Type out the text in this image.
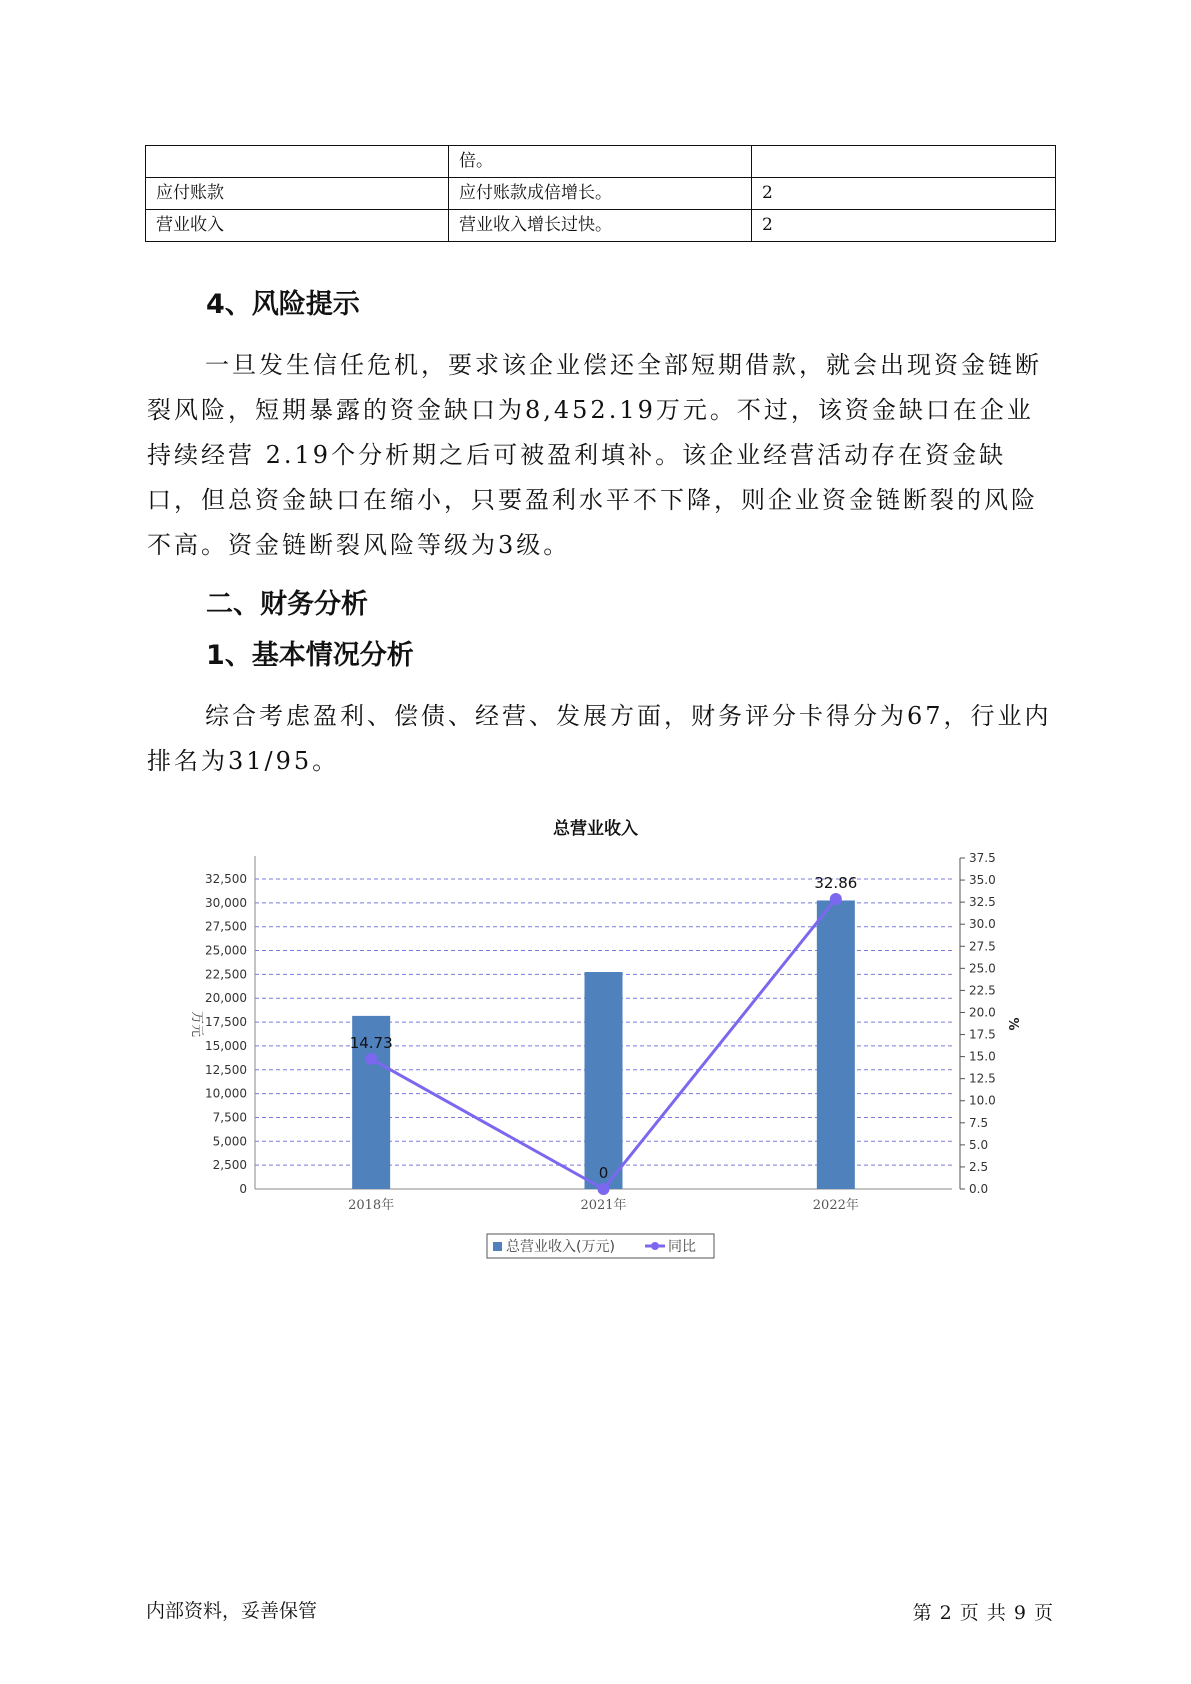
	倍。	
应付账款	应付账款成倍增长。	2
营业收入	营业收入增长过快。	2
4、风险提示

一旦发生信任危机，要求该企业偿还全部短期借款，就会出现资金链断裂风险，短期暴露的资金缺口为8,452.19万元。不过，该资金缺口在企业持续经营 2.19个分析期之后可被盈利填补。该企业经营活动存在资金缺口，但总资金缺口在缩小，只要盈利水平不下降，则企业资金链断裂的风险不高。资金链断裂风险等级为3级。

二、财务分析
1、基本情况分析

综合考虑盈利、偿债、经营、发展方面，财务评分卡得分为67，行业内排名为31/95。

总营业收入
0
2,500
5,000
7,500
10,000
12,500
15,000
17,500
20,000
22,500
25,000
27,500
30,000
32,500
0.0
2.5
5.0
7.5
10.0
12.5
15.0
17.5
20.0
22.5
25.0
27.5
30.0
32.5
35.0
37.5
万元	%
2018年	2021年	2022年
14.73
0
32.86
总营业收入(万元)	同比
内部资料，妥善保管	第 2 页 共 9 页
